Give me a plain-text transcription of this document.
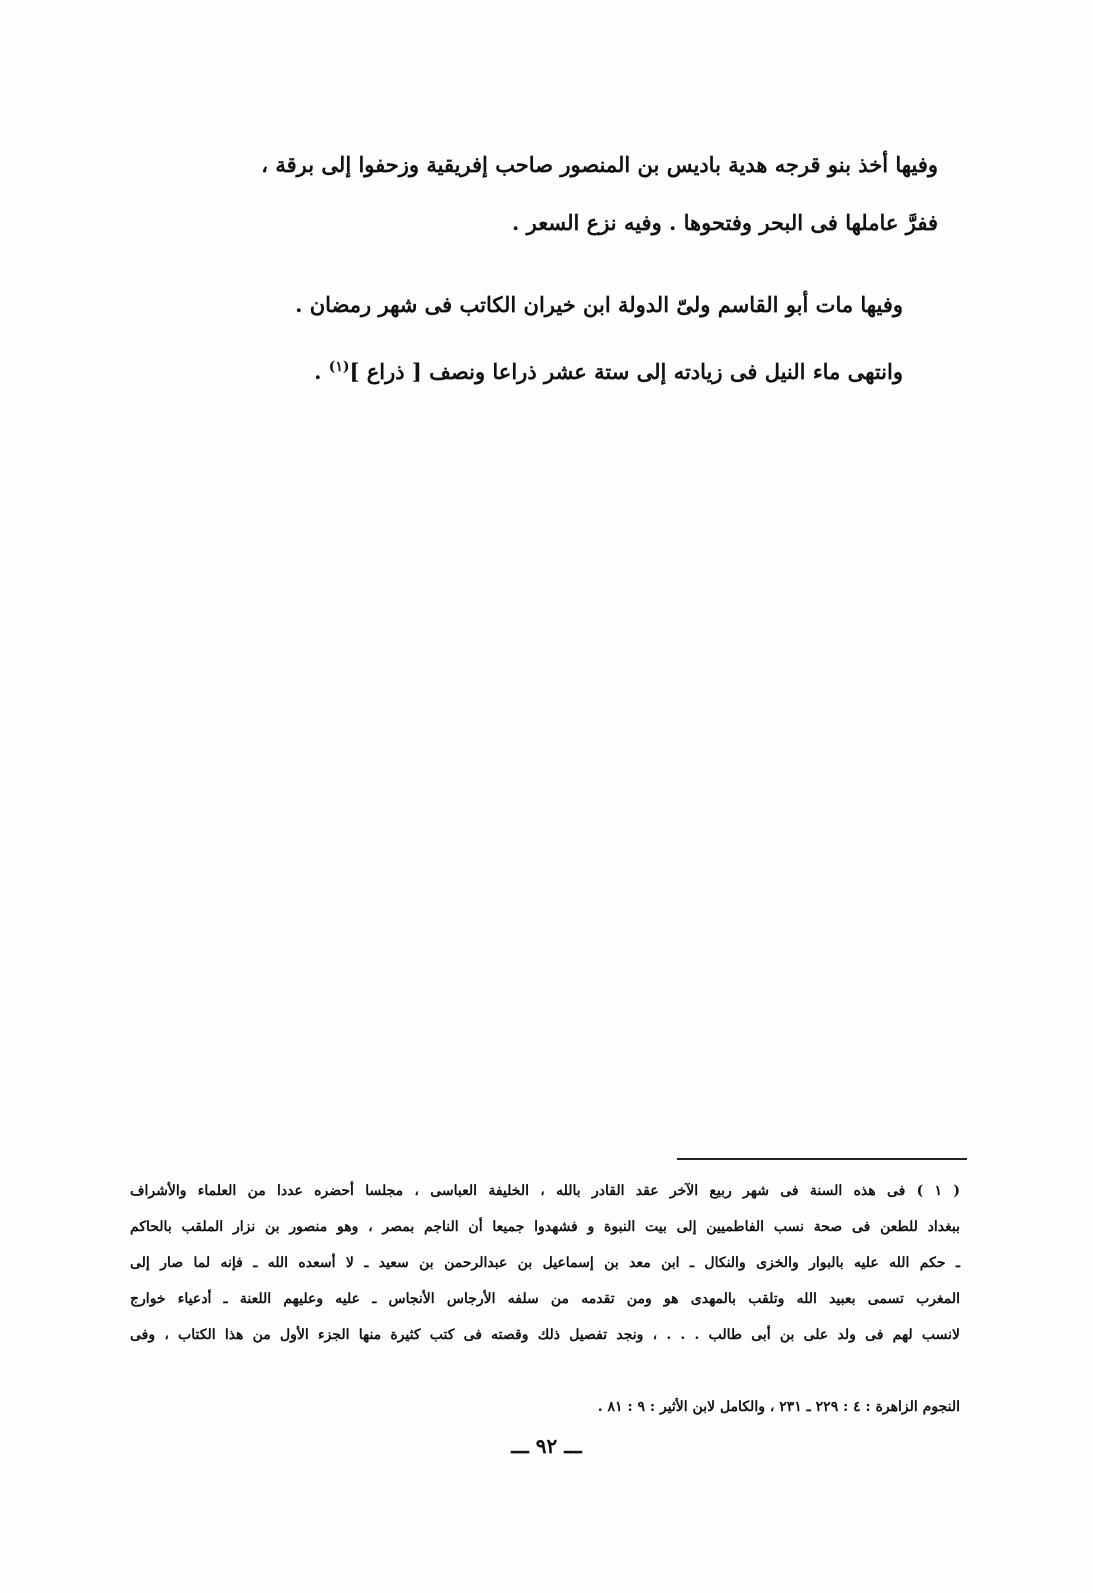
وفيها أخذ بنو قرجه هدية باديس بن المنصور صاحب إفريقية وزحفوا إلى برقة ،
ففرَّ عاملها فى البحر وفتحوها . وفيه نزع السعر .
وفيها مات أبو القاسم ولىّ الدولة ابن خيران الكاتب فى شهر رمضان .
وانتهى ماء النيل فى زيادته إلى ستة عشر ذراعا ونصف [ ذراع ]$^{(١)}$ .
( ١ ) فى هذه السنة فى شهر ربيع الآخر عقد القادر بالله ، الخليفة العباسى ، مجلسا أحضره عددا من العلماء والأشراف
ببغداد للطعن فى صحة نسب الفاطميين إلى بيت النبوة و فشهدوا جميعا أن الناجم بمصر ، وهو منصور بن نزار الملقب بالحاكم
ـ حكم الله عليه بالبوار والخزى والنكال ـ ابن معد بن إسماعيل بن عبدالرحمن بن سعيد ـ لا أسعده الله ـ فإنه لما صار إلى
المغرب تسمى بعبيد الله وتلقب بالمهدى هو ومن تقدمه من سلفه الأرجاس الأنجاس ـ عليه وعليهم اللعنة ـ أدعياء خوارج
لانسب لهم فى ولد على بن أبى طالب . . . ، ونجد تفصيل ذلك وقصته فى كتب كثيرة منها الجزء الأول من هذا الكتاب ، وفى
النجوم الزاهرة : ٤ : ٢٢٩ ـ ٢٣١ ، والكامل لابن الأثير : ٩ : ٨١ .
ـــ ٩٢ ـــ
